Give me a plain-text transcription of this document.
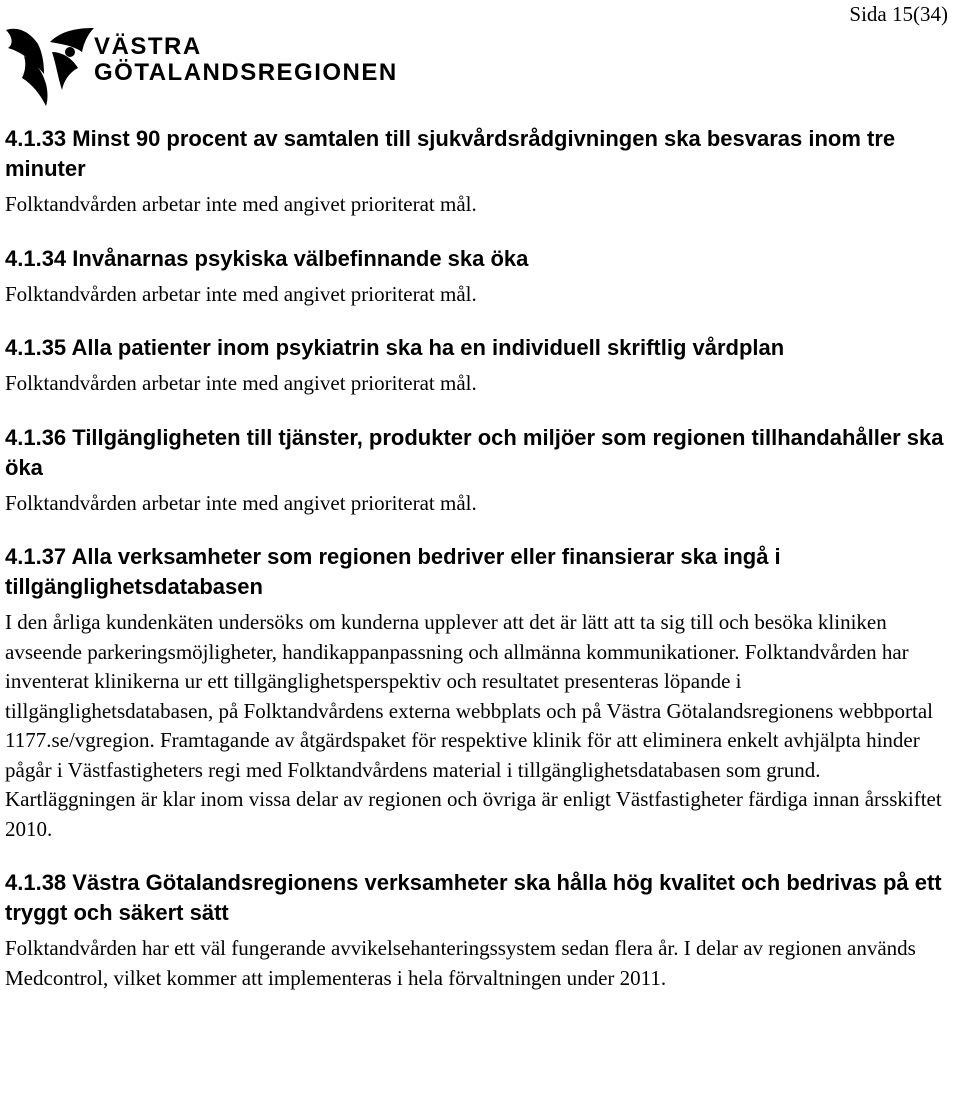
Sida 15(34)
VÄSTRA
GÖTALANDSREGIONEN
4.1.33 Minst 90 procent av samtalen till sjukvårdsrådgivningen ska besvaras inom tre minuter
Folktandvården arbetar inte med angivet prioriterat mål.
4.1.34 Invånarnas psykiska välbefinnande ska öka
Folktandvården arbetar inte med angivet prioriterat mål.
4.1.35 Alla patienter inom psykiatrin ska ha en individuell skriftlig vårdplan
Folktandvården arbetar inte med angivet prioriterat mål.
4.1.36 Tillgängligheten till tjänster, produkter och miljöer som regionen tillhandahåller ska öka
Folktandvården arbetar inte med angivet prioriterat mål.
4.1.37 Alla verksamheter som regionen bedriver eller finansierar ska ingå i tillgänglighetsdatabasen
I den årliga kundenkäten undersöks om kunderna upplever att det är lätt att ta sig till och besöka kliniken avseende parkeringsmöjligheter, handikappanpassning och allmänna kommunikationer. Folktandvården har inventerat klinikerna ur ett tillgänglighetsperspektiv och resultatet presenteras löpande i tillgänglighetsdatabasen, på Folktandvårdens externa webbplats och på Västra Götalandsregionens webbportal 1177.se/vgregion. Framtagande av åtgärdspaket för respektive klinik för att eliminera enkelt avhjälpta hinder pågår i Västfastigheters regi med Folktandvårdens material i tillgänglighetsdatabasen som grund. Kartläggningen är klar inom vissa delar av regionen och övriga är enligt Västfastigheter färdiga innan årsskiftet 2010.
4.1.38 Västra Götalandsregionens verksamheter ska hålla hög kvalitet och bedrivas på ett tryggt och säkert sätt
Folktandvården har ett väl fungerande avvikelsehanteringssystem sedan flera år. I delar av regionen används Medcontrol, vilket kommer att implementeras i hela förvaltningen under 2011.
